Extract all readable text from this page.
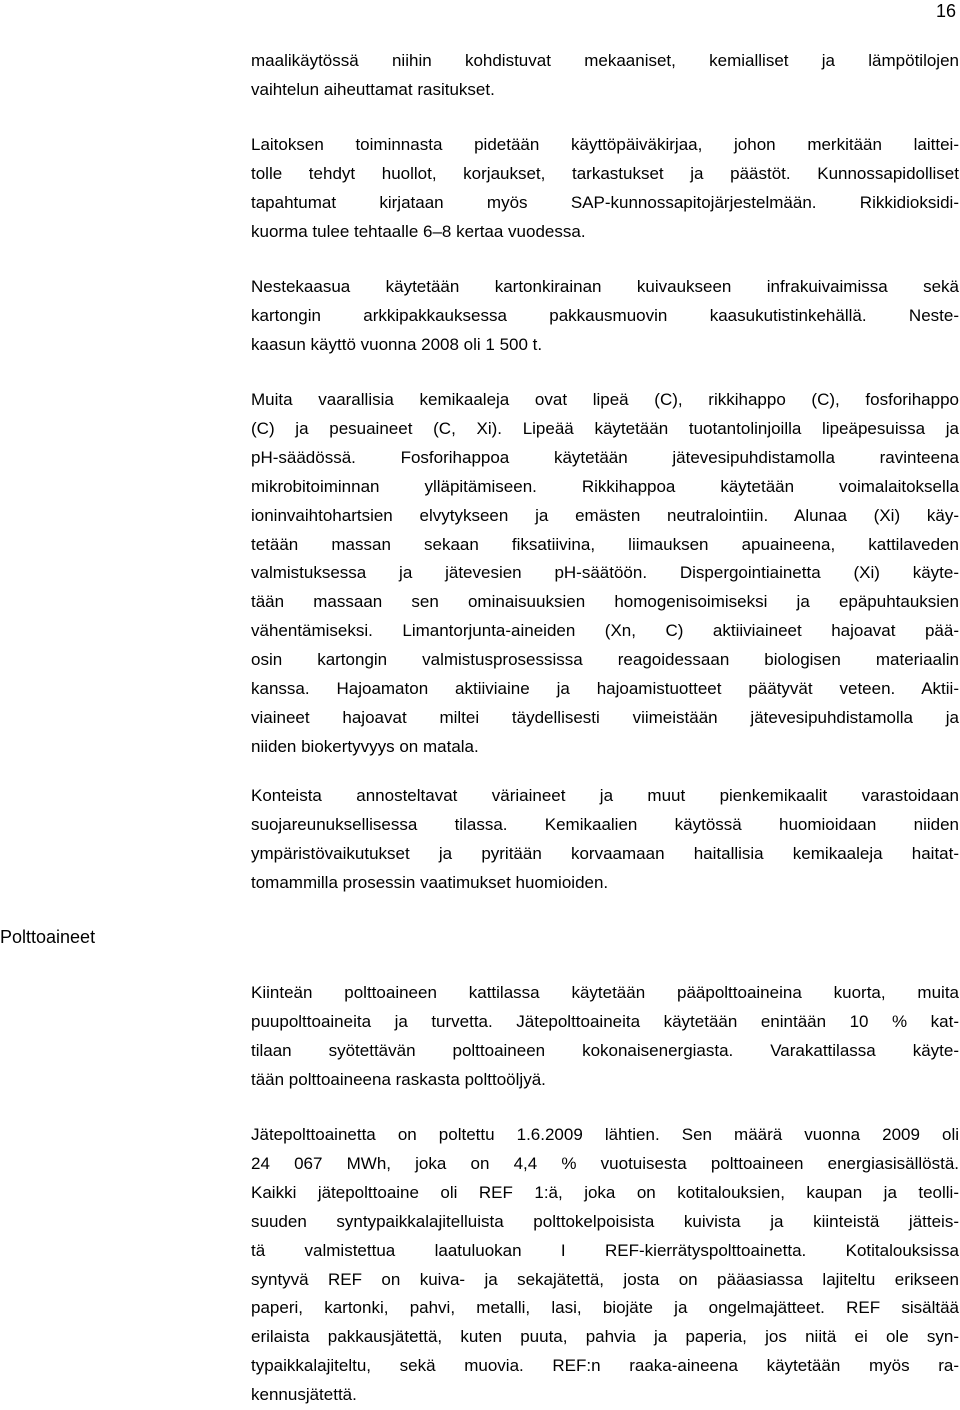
16
Polttoaineet
maalikäytössä niihin kohdistuvat mekaaniset, kemialliset ja lämpötilojen
vaihtelun aiheuttamat rasitukset.
Laitoksen toiminnasta pidetään käyttöpäiväkirjaa, johon merkitään laittei-
tolle tehdyt huollot, korjaukset, tarkastukset ja päästöt. Kunnossapidolliset
tapahtumat kirjataan myös SAP-kunnossapitojärjestelmään. Rikkidioksidi-
kuorma tulee tehtaalle 6–8 kertaa vuodessa.
Nestekaasua käytetään kartonkirainan kuivaukseen infrakuivaimissa sekä
kartongin arkkipakkauksessa pakkausmuovin kaasukutistinkehällä. Neste-
kaasun käyttö vuonna 2008 oli 1 500 t.
Muita vaarallisia kemikaaleja ovat lipeä (C), rikkihappo (C), fosforihappo
(C) ja pesuaineet (C, Xi). Lipeää käytetään tuotantolinjoilla lipeäpesuissa ja
pH-säädössä. Fosforihappoa käytetään jätevesipuhdistamolla ravinteena
mikrobitoiminnan ylläpitämiseen. Rikkihappoa käytetään voimalaitoksella
ioninvaihtohartsien elvytykseen ja emästen neutralointiin. Alunaa (Xi) käy-
tetään massan sekaan fiksatiivina, liimauksen apuaineena, kattilaveden
valmistuksessa ja jätevesien pH-säätöön. Dispergointiainetta (Xi) käyte-
tään massaan sen ominaisuuksien homogenisoimiseksi ja epäpuhtauksien
vähentämiseksi. Limantorjunta-aineiden (Xn, C) aktiiviaineet hajoavat pää-
osin kartongin valmistusprosessissa reagoidessaan biologisen materiaalin
kanssa. Hajoamaton aktiiviaine ja hajoamistuotteet päätyvät veteen. Aktii-
viaineet hajoavat miltei täydellisesti viimeistään jätevesipuhdistamolla ja
niiden biokertyvyys on matala.
Konteista annosteltavat väriaineet ja muut pienkemikaalit varastoidaan
suojareunuksellisessa tilassa. Kemikaalien käytössä huomioidaan niiden
ympäristövaikutukset ja pyritään korvaamaan haitallisia kemikaaleja haitat-
tomammilla prosessin vaatimukset huomioiden.
Kiinteän polttoaineen kattilassa käytetään pääpolttoaineina kuorta, muita
puupolttoaineita ja turvetta. Jätepolttoaineita käytetään enintään 10 % kat-
tilaan syötettävän polttoaineen kokonaisenergiasta. Varakattilassa käyte-
tään polttoaineena raskasta polttoöljyä.
Jätepolttoainetta on poltettu 1.6.2009 lähtien. Sen määrä vuonna 2009 oli
24 067 MWh, joka on 4,4 % vuotuisesta polttoaineen energiasisällöstä.
Kaikki jätepolttoaine oli REF 1:ä, joka on kotitalouksien, kaupan ja teolli-
suuden syntypaikkalajitelluista polttokelpoisista kuivista ja kiinteistä jätteis-
tä valmistettua laatuluokan I REF-kierrätyspolttoainetta. Kotitalouksissa
syntyvä REF on kuiva- ja sekajätettä, josta on pääasiassa lajiteltu erikseen
paperi, kartonki, pahvi, metalli, lasi, biojäte ja ongelmajätteet. REF sisältää
erilaista pakkausjätettä, kuten puuta, pahvia ja paperia, jos niitä ei ole syn-
typaikkalajiteltu, sekä muovia. REF:n raaka-aineena käytetään myös ra-
kennusjätettä.
